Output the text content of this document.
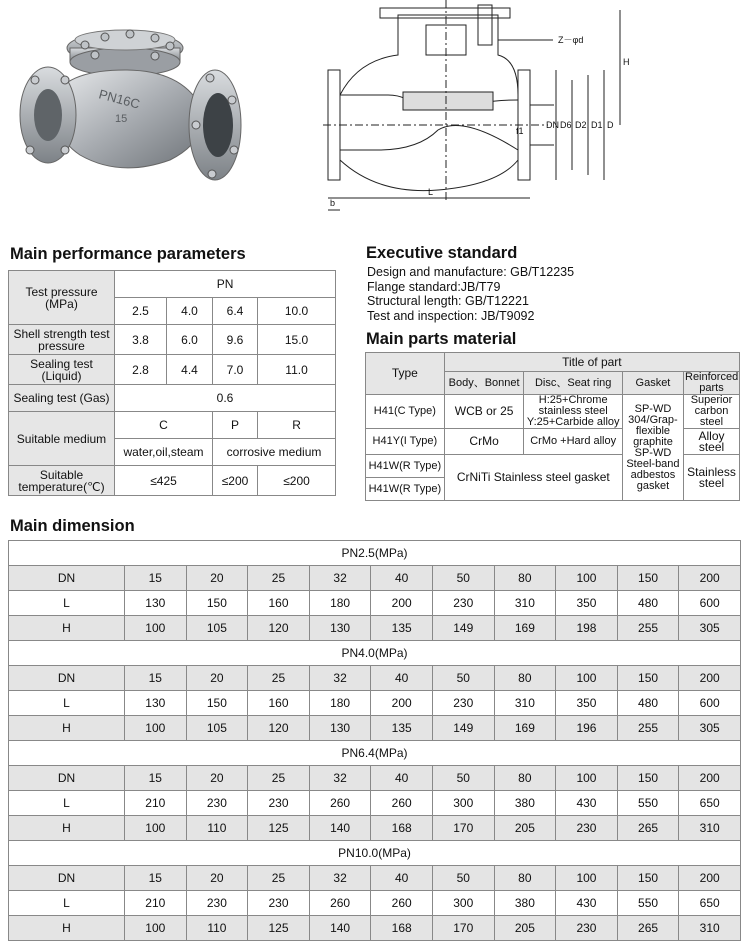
PN16C
15
Z－φd
H
DN D6 D2 D1 D
f1
b
L
Main performance parameters	Executive standard
Main parts material
Main dimension
Design and manufacture: GB/T12235
Flange standard:JB/T79
Structural length: GB/T12221
Test and inspection: JB/T9092
Test pressure (MPa)	PN			
	2.5	4.0	6.4	10.0
Shell strength test pressure	3.8	6.0	9.6	15.0
Sealing test (Liquid)	2.8	4.4	7.0	11.0
Sealing test (Gas)	0.6			
Suitable medium	C		P	R
	water,oil,steam		corrosive medium	
Suitable temperature(℃)	≤425		≤200	≤200
Type	Title of part			
	Body、Bonnet	Disc、Seat ring	Gasket	Reinforced parts
H41(C Type)	WCB or 25	H:25+Chrome stainless steel Y:25+Carbide alloy	SP-WD 304/Grap- flexible graphite SP-WD Steel-band adbestos gasket	Superior carbon steel
H41Y(I Type)	CrMo	CrMo +Hard alloy		Alloy steel
H41W(R Type)	CrNiTi Stainless steel gasket			Stainless steel
H41W(R Type)				
PN2.5(MPa)										
DN	15	20	25	32	40	50	80	100	150	200
L	130	150	160	180	200	230	310	350	480	600
H	100	105	120	130	135	149	169	198	255	305
PN4.0(MPa)										
DN	15	20	25	32	40	50	80	100	150	200
L	130	150	160	180	200	230	310	350	480	600
H	100	105	120	130	135	149	169	196	255	305
PN6.4(MPa)										
DN	15	20	25	32	40	50	80	100	150	200
L	210	230	230	260	260	300	380	430	550	650
H	100	110	125	140	168	170	205	230	265	310
PN10.0(MPa)										
DN	15	20	25	32	40	50	80	100	150	200
L	210	230	230	260	260	300	380	430	550	650
H	100	110	125	140	168	170	205	230	265	310
